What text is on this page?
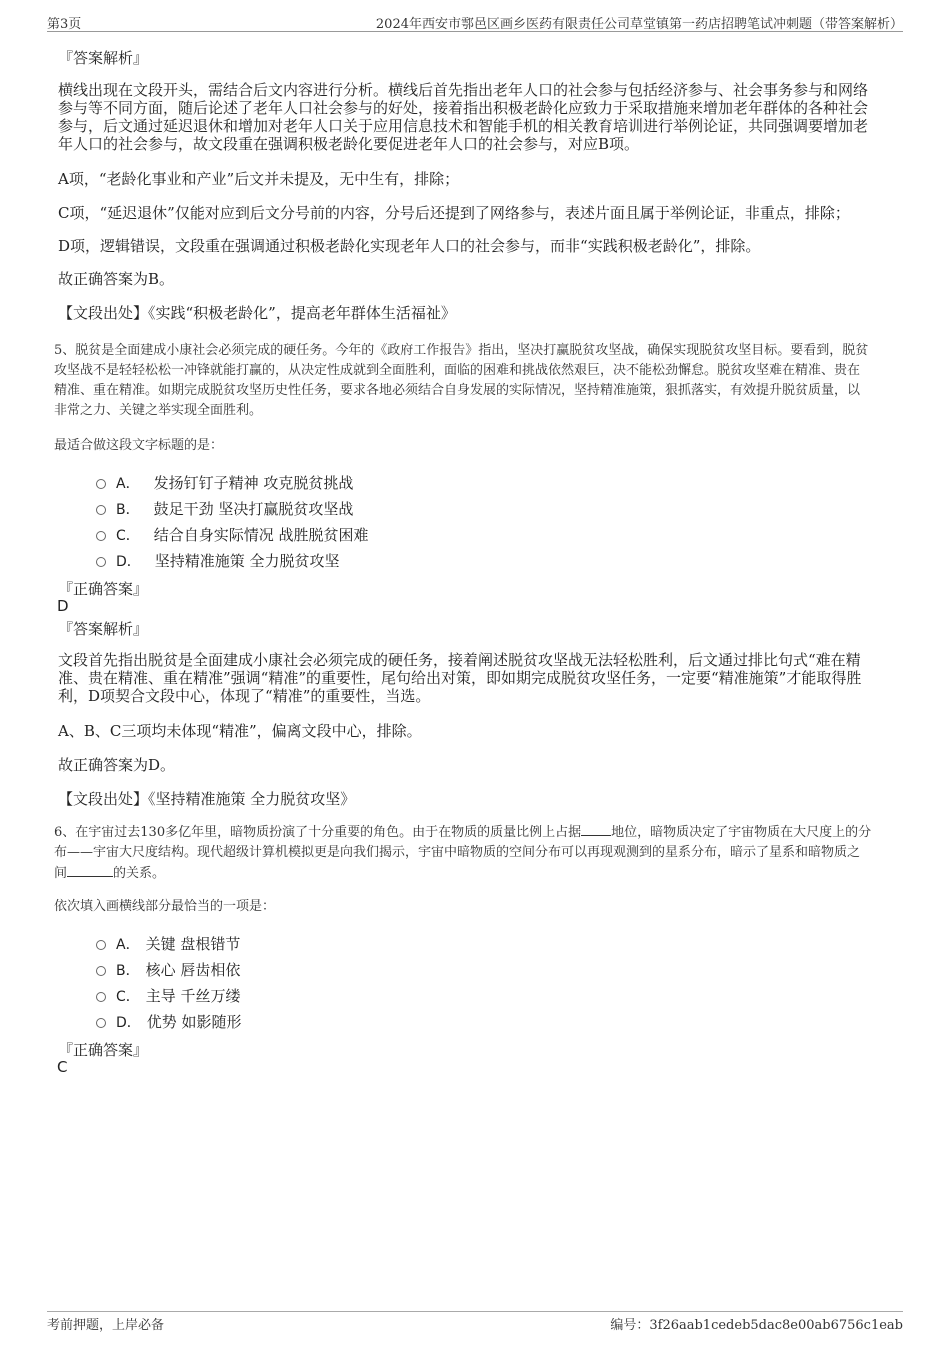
第3页	2024年西安市鄠邑区画乡医药有限责任公司草堂镇第一药店招聘笔试冲刺题（带答案解析）
『答案解析』
横线出现在文段开头，需结合后文内容进行分析。横线后首先指出老年人口的社会参与包括经济参与、社会事务参与和网络
参与等不同方面，随后论述了老年人口社会参与的好处，接着指出积极老龄化应致力于采取措施来增加老年群体的各种社会
参与，后文通过延迟退休和增加对老年人口关于应用信息技术和智能手机的相关教育培训进行举例论证，共同强调要增加老
年人口的社会参与，故文段重在强调积极老龄化要促进老年人口的社会参与，对应B项。
A项，“老龄化事业和产业”后文并未提及，无中生有，排除；
C项，“延迟退休”仅能对应到后文分号前的内容，分号后还提到了网络参与，表述片面且属于举例论证，非重点，排除；
D项，逻辑错误，文段重在强调通过积极老龄化实现老年人口的社会参与，而非“实践积极老龄化”，排除。
故正确答案为B。
【文段出处】《实践“积极老龄化”，提高老年群体生活福祉》
5、脱贫是全面建成小康社会必须完成的硬任务。今年的《政府工作报告》指出，坚决打赢脱贫攻坚战，确保实现脱贫攻坚目标。要看到，脱贫
攻坚战不是轻轻松松一冲锋就能打赢的，从决定性成就到全面胜利，面临的困难和挑战依然艰巨，决不能松劲懈怠。脱贫攻坚难在精准、贵在
精准、重在精准。如期完成脱贫攻坚历史性任务，要求各地必须结合自身发展的实际情况，坚持精准施策，狠抓落实，有效提升脱贫质量，以
非常之力、关键之举实现全面胜利。
最适合做这段文字标题的是：
A． 发扬钉钉子精神 攻克脱贫挑战
B． 鼓足干劲 坚决打赢脱贫攻坚战
C． 结合自身实际情况 战胜脱贫困难
D． 坚持精准施策 全力脱贫攻坚
『正确答案』
D
『答案解析』
文段首先指出脱贫是全面建成小康社会必须完成的硬任务，接着阐述脱贫攻坚战无法轻松胜利，后文通过排比句式“难在精
准、贵在精准、重在精准”强调“精准”的重要性，尾句给出对策，即如期完成脱贫攻坚任务，一定要“精准施策”才能取得胜
利，D项契合文段中心，体现了“精准”的重要性，当选。
A、B、C三项均未体现“精准”，偏离文段中心，排除。
故正确答案为D。
【文段出处】《坚持精准施策 全力脱贫攻坚》
6、在宇宙过去130多亿年里，暗物质扮演了十分重要的角色。由于在物质的质量比例上占据 地位，暗物质决定了宇宙物质在大尺度上的分
布——宇宙大尺度结构。现代超级计算机模拟更是向我们揭示，宇宙中暗物质的空间分布可以再现观测到的星系分布，暗示了星系和暗物质之
间	的关系。
依次填入画横线部分最恰当的一项是：
A． 关键 盘根错节
B． 核心 唇齿相依
C． 主导 千丝万缕
D． 优势 如影随形
『正确答案』
C
考前押题，上岸必备	编号：3f26aab1cedeb5dac8e00ab6756c1eab
